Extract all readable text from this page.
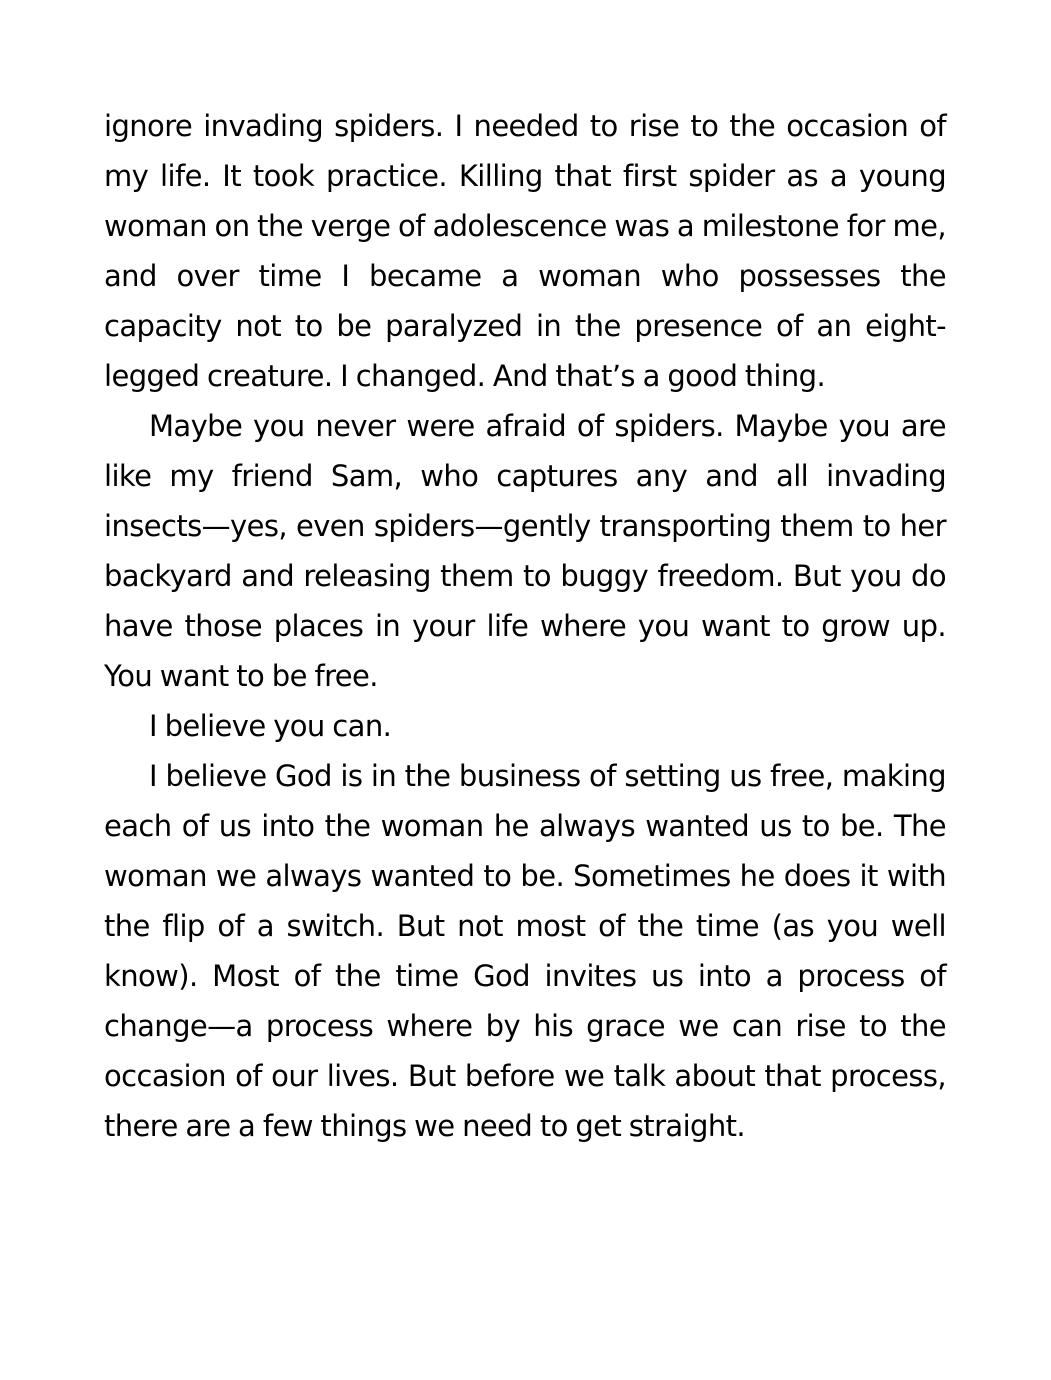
ignore invading spiders. I needed to rise to the occasion of my life. It took practice. Killing that first spider as a young woman on the verge of adolescence was a milestone for me, and over time I became a woman who possesses the capacity not to be paralyzed in the presence of an eight-legged creature. I changed. And that’s a good thing.

Maybe you never were afraid of spiders. Maybe you are like my friend Sam, who captures any and all invading insects—yes, even spiders—gently transporting them to her backyard and releasing them to buggy freedom. But you do have those places in your life where you want to grow up. You want to be free.

I believe you can.

I believe God is in the business of setting us free, making each of us into the woman he always wanted us to be. The woman we always wanted to be. Sometimes he does it with the flip of a switch. But not most of the time (as you well know). Most of the time God invites us into a process of change—a process where by his grace we can rise to the occasion of our lives. But before we talk about that process, there are a few things we need to get straight.
